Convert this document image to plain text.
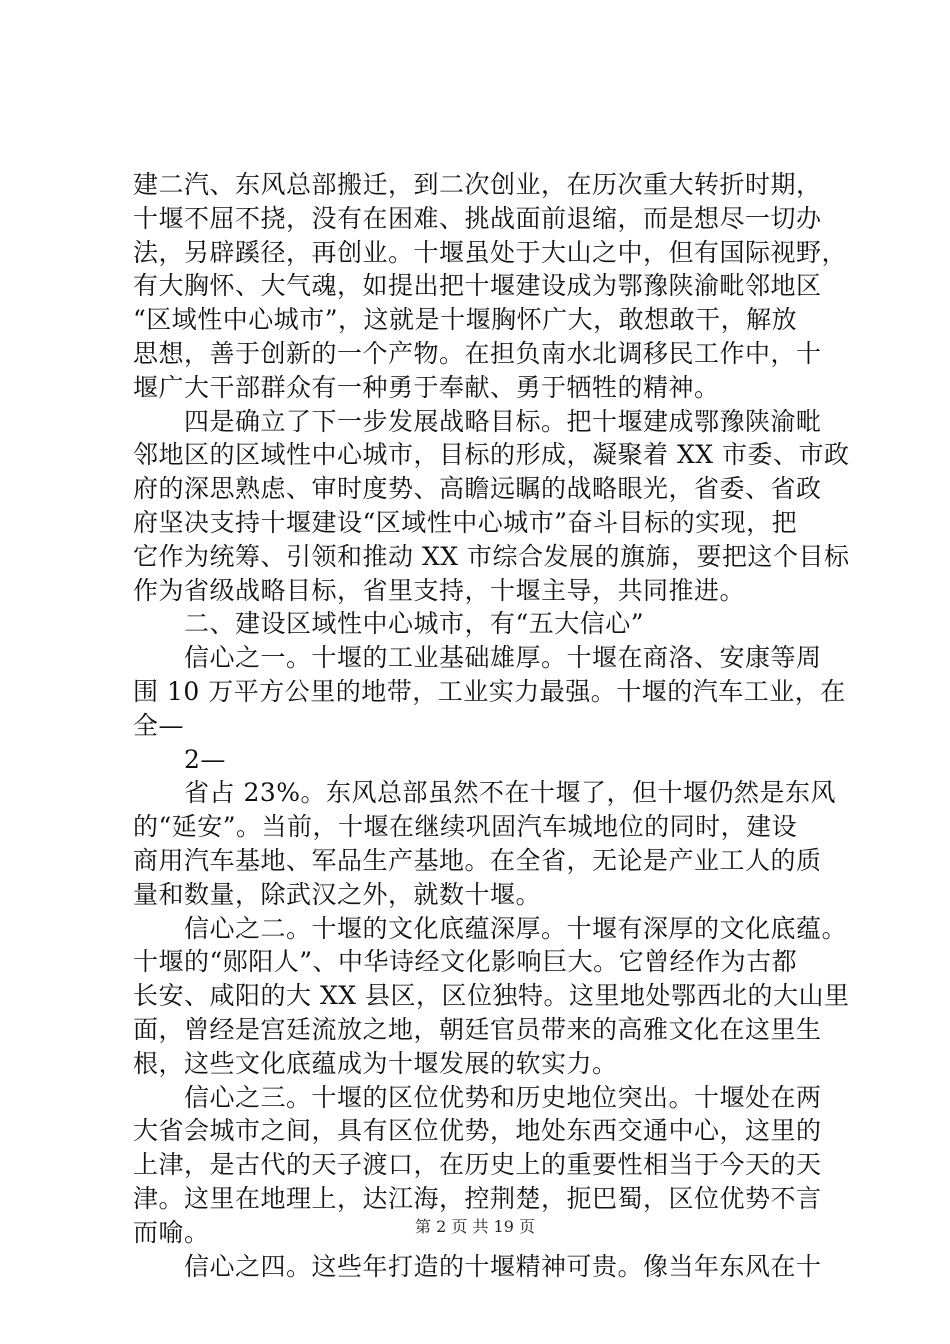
建二汽、东风总部搬迁，到二次创业，在历次重大转折时期，
十堰不屈不挠，没有在困难、挑战面前退缩，而是想尽一切办
法，另辟蹊径，再创业。十堰虽处于大山之中，但有国际视野，
有大胸怀、大气魂，如提出把十堰建设成为鄂豫陕渝毗邻地区
“区域性中心城市”，这就是十堰胸怀广大，敢想敢干，解放
思想，善于创新的一个产物。在担负南水北调移民工作中，十
堰广大干部群众有一种勇于奉献、勇于牺牲的精神。
　　四是确立了下一步发展战略目标。把十堰建成鄂豫陕渝毗
邻地区的区域性中心城市，目标的形成，凝聚着 XX 市委、市政
府的深思熟虑、审时度势、高瞻远瞩的战略眼光，省委、省政
府坚决支持十堰建设“区域性中心城市”奋斗目标的实现，把
它作为统筹、引领和推动 XX 市综合发展的旗旆，要把这个目标
作为省级战略目标，省里支持，十堰主导，共同推进。
　　二、建设区域性中心城市，有“五大信心”
　　信心之一。十堰的工业基础雄厚。十堰在商洛、安康等周
围 10 万平方公里的地带，工业实力最强。十堰的汽车工业，在
全—
　　2—
　　省占 23%。东风总部虽然不在十堰了，但十堰仍然是东风
的“延安”。当前，十堰在继续巩固汽车城地位的同时，建设
商用汽车基地、军品生产基地。在全省，无论是产业工人的质
量和数量，除武汉之外，就数十堰。
　　信心之二。十堰的文化底蕴深厚。十堰有深厚的文化底蕴。
十堰的“郧阳人”、中华诗经文化影响巨大。它曾经作为古都
长安、咸阳的大 XX 县区，区位独特。这里地处鄂西北的大山里
面，曾经是宫廷流放之地，朝廷官员带来的高雅文化在这里生
根，这些文化底蕴成为十堰发展的软实力。
　　信心之三。十堰的区位优势和历史地位突出。十堰处在两
大省会城市之间，具有区位优势，地处东西交通中心，这里的
上津，是古代的天子渡口，在历史上的重要性相当于今天的天
津。这里在地理上，达江海，控荆楚，扼巴蜀，区位优势不言
而喻。
　　信心之四。这些年打造的十堰精神可贵。像当年东风在十
第 2 页 共 19 页
